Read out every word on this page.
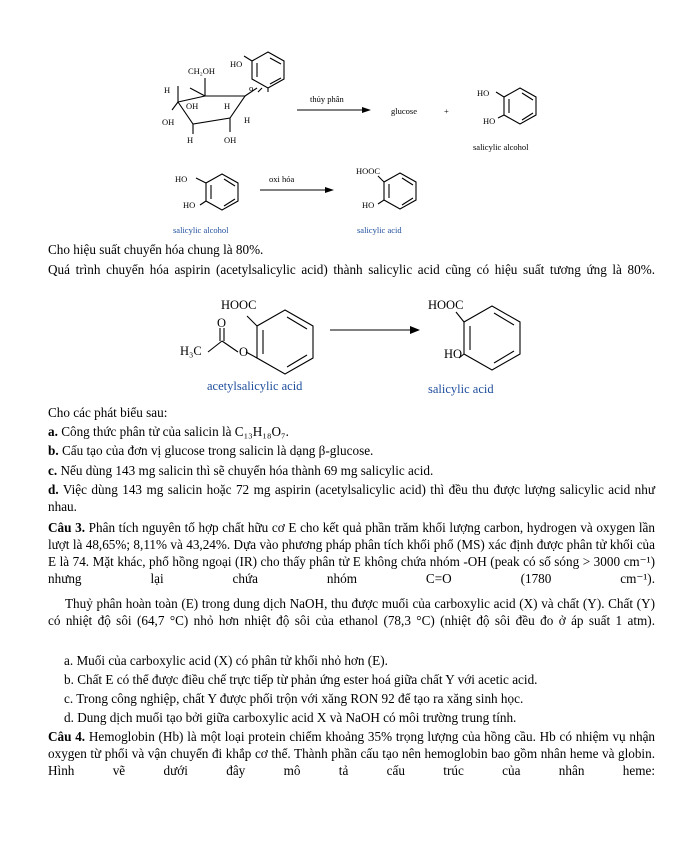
HO
CH₂OH
o
H
OH	H
OH	H
H	OH
thủy phân
glucose	+
HO
HO
salicylic alcohol
HO
HO
oxi hóa
HOOC
HO
salicylic alcohol	salicylic acid
Cho hiệu suất chuyển hóa chung là 80%.
Quá trình chuyển hóa aspirin (acetylsalicylic acid) thành salicylic acid cũng có hiệu suất tương ứng là 80%.
HOOC
O
H₃C	O
HOOC
HO
acetylsalicylic acid	salicylic acid
Cho các phát biểu sau:
a. Công thức phân tử của salicin là C₁₃H₁₈O₇.
b. Cấu tạo của đơn vị glucose trong salicin là dạng β-glucose.
c. Nếu dùng 143 mg salicin thì sẽ chuyển hóa thành 69 mg salicylic acid.
d. Việc dùng 143 mg salicin hoặc 72 mg aspirin (acetylsalicylic acid) thì đều thu được lượng salicylic acid như nhau.
Câu 3. Phân tích nguyên tố hợp chất hữu cơ E cho kết quả phần trăm khối lượng carbon, hydrogen và oxygen lần lượt là 48,65%; 8,11% và 43,24%. Dựa vào phương pháp phân tích khối phổ (MS) xác định được phân tử khối của E là 74. Mặt khác, phổ hồng ngoại (IR) cho thấy phân tử E không chứa nhóm -OH (peak có số sóng > 3000 cm⁻¹) nhưng lại chứa nhóm C=O (1780 cm⁻¹).
Thuỷ phân hoàn toàn (E) trong dung dịch NaOH, thu được muối của carboxylic acid (X) và chất (Y). Chất (Y) có nhiệt độ sôi (64,7 °C) nhỏ hơn nhiệt độ sôi của ethanol (78,3 °C) (nhiệt độ sôi đều đo ở áp suất 1 atm).
a. Muối của carboxylic acid (X) có phân tử khối nhỏ hơn (E).
b. Chất E có thể được điều chế trực tiếp từ phản ứng ester hoá giữa chất Y với acetic acid.
c. Trong công nghiệp, chất Y được phối trộn với xăng RON 92 để tạo ra xăng sinh học.
d. Dung dịch muối tạo bởi giữa carboxylic acid X và NaOH có môi trường trung tính.
Câu 4. Hemoglobin (Hb) là một loại protein chiếm khoảng 35% trọng lượng của hồng cầu. Hb có nhiệm vụ nhận oxygen từ phổi và vận chuyển đi khắp cơ thể. Thành phần cấu tạo nên hemoglobin bao gồm nhân heme và globin. Hình vẽ dưới đây mô tả cấu trúc của nhân heme:
